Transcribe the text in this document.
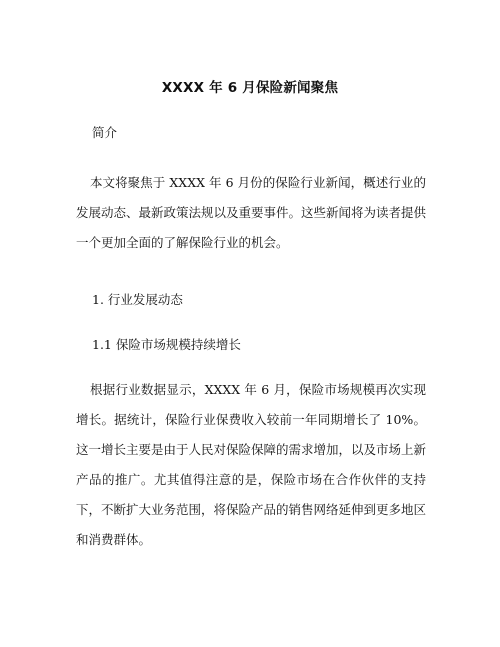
XXXX 年 6 月保险新闻聚焦
简介
本文将聚焦于 XXXX 年 6 月份的保险行业新闻，概述行业的发展动态、最新政策法规以及重要事件。这些新闻将为读者提供一个更加全面的了解保险行业的机会。
1. 行业发展动态
1.1 保险市场规模持续增长
根据行业数据显示，XXXX 年 6 月，保险市场规模再次实现增长。据统计，保险行业保费收入较前一年同期增长了 10%。这一增长主要是由于人民对保险保障的需求增加，以及市场上新产品的推广。尤其值得注意的是，保险市场在合作伙伴的支持下，不断扩大业务范围，将保险产品的销售网络延伸到更多地区和消费群体。
